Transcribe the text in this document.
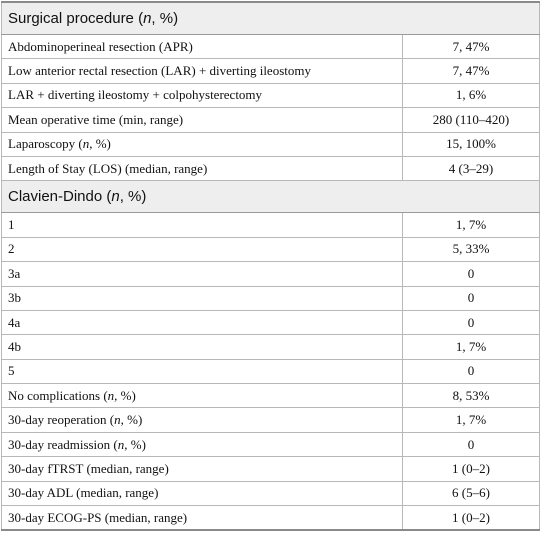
Surgical procedure (n, %)	
Abdominoperineal resection (APR)	7, 47%
Low anterior rectal resection (LAR) + diverting ileostomy	7, 47%
LAR + diverting ileostomy + colpohysterectomy	1, 6%
Mean operative time (min, range)	280 (110–420)
Laparoscopy (n, %)	15, 100%
Length of Stay (LOS) (median, range)	4 (3–29)
Clavien-Dindo (n, %)	
1	1, 7%
2	5, 33%
3a	0
3b	0
4a	0
4b	1, 7%
5	0
No complications (n, %)	8, 53%
30-day reoperation (n, %)	1, 7%
30-day readmission (n, %)	0
30-day fTRST (median, range)	1 (0–2)
30-day ADL (median, range)	6 (5–6)
30-day ECOG-PS (median, range)	1 (0–2)
